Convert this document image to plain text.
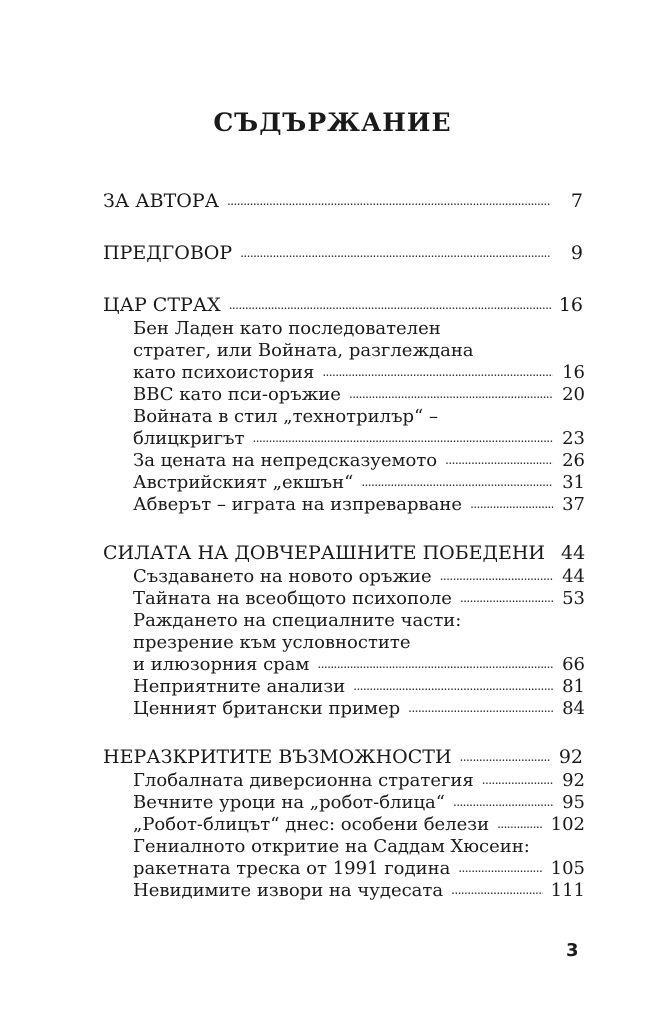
СЪДЪРЖАНИЕ
ЗА АВТОРА . . .	7
ПРЕДГОВОР . . .	9
ЦАР СТРАХ . . .	16
Бен Ладен като последователен
стратег, или Войната, разглеждана
като психоистория . . .	16
BBC като пси-оръжие . . .	20
Войната в стил „технотрилър“ –
блицкригът . . .	23
За цената на непредсказуемото . . .	26
Австрийският „екшън“ . . .	31
Абверът – играта на изпреварване . . .	37
СИЛАТА НА ДОВЧЕРАШНИТЕ ПОБЕДЕНИ 44
Създаването на новото оръжие . . .	44
Тайната на всеобщото психополе . . .	53
Раждането на специалните части:
презрение към условностите
и илюзорния срам . . .	66
Неприятните анализи . . .	81
Ценният британски пример . . .	84
НЕРАЗКРИТИТЕ ВЪЗМОЖНОСТИ . . .	92
Глобалната диверсионна стратегия . . .	92
Вечните уроци на „робот-блица“ . . .	95
„Робот-блицът“ днес: особени белези . . .	102
Гениалното откритие на Саддам Хюсеин:
ракетната треска от 1991 година . . .	105
Невидимите извори на чудесата . . .	111
3
